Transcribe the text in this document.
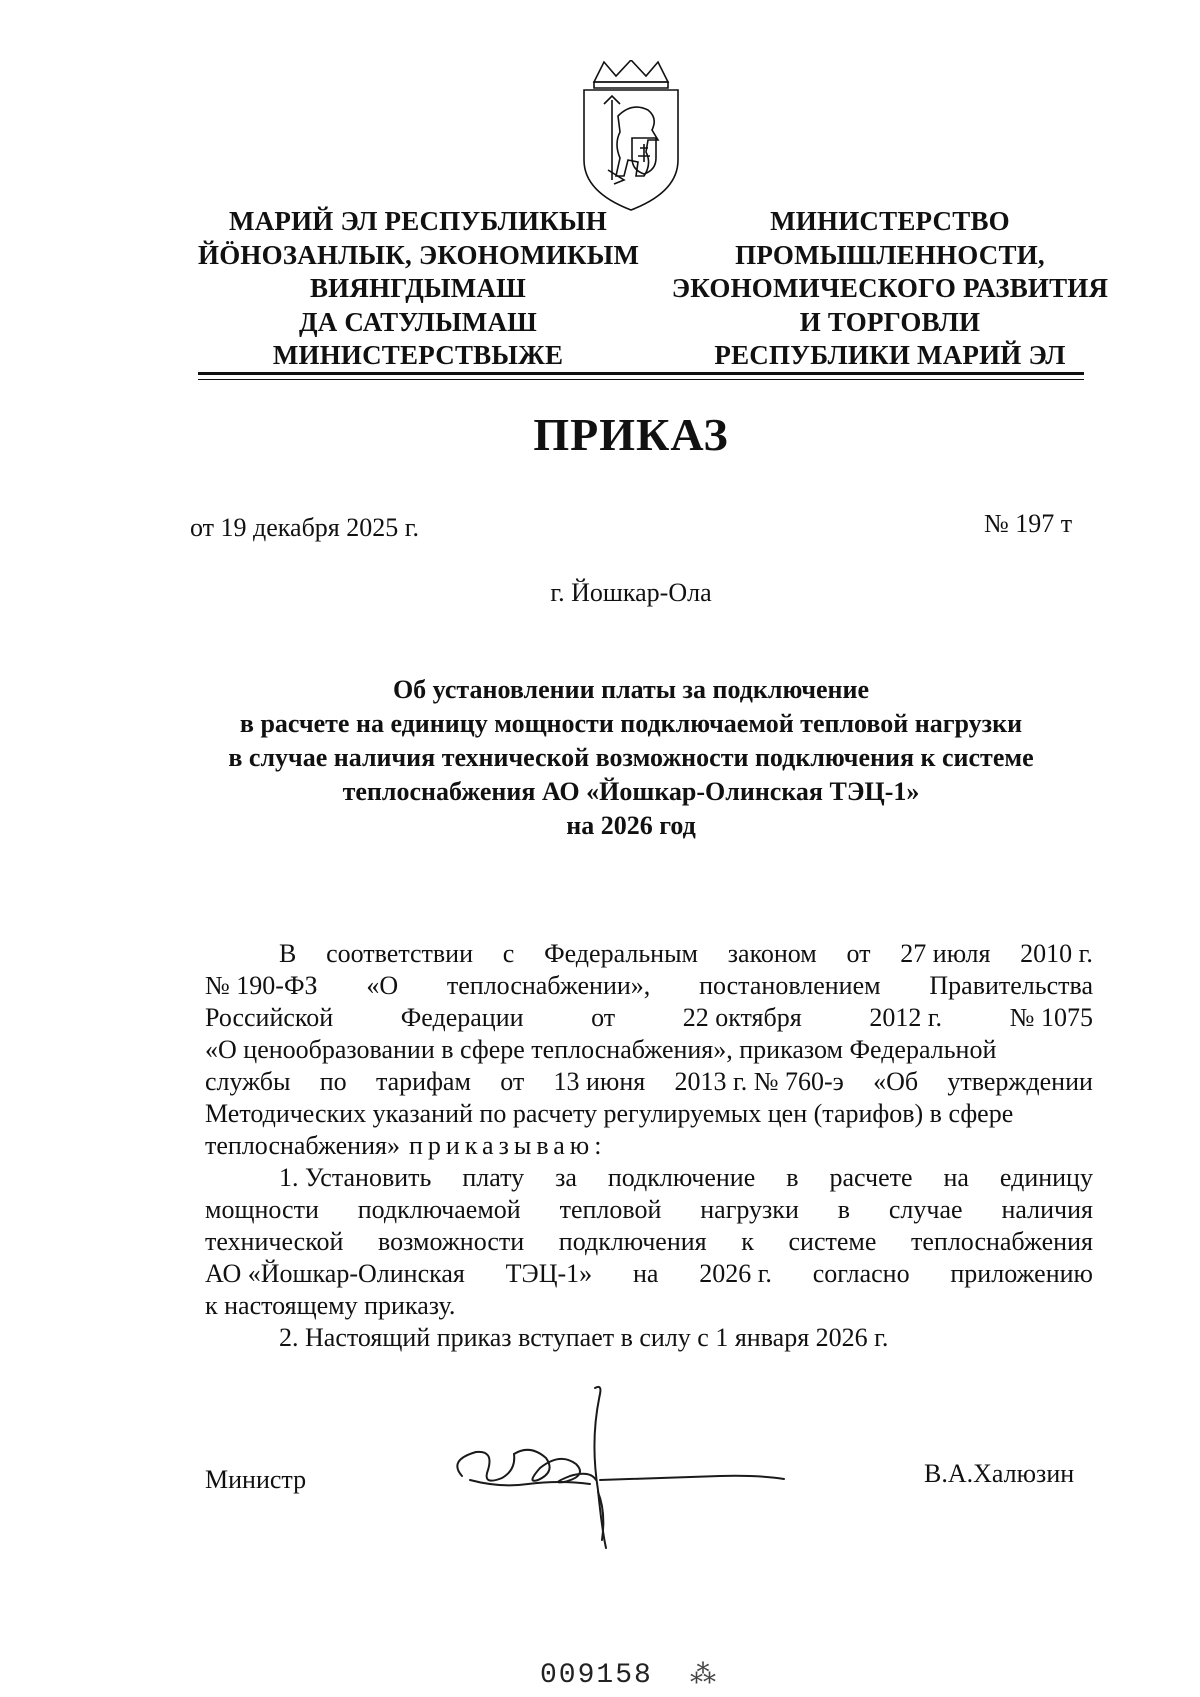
МАРИЙ ЭЛ РЕСПУБЛИКЫН
ЙÖНОЗАНЛЫК, ЭКОНОМИКЫМ
ВИЯНГДЫМАШ
ДА САТУЛЫМАШ
МИНИСТЕРСТВЫЖЕ
МИНИСТЕРСТВО
ПРОМЫШЛЕННОСТИ,
ЭКОНОМИЧЕСКОГО РАЗВИТИЯ
И ТОРГОВЛИ
РЕСПУБЛИКИ МАРИЙ ЭЛ
ПРИКАЗ
от 19 декабря 2025 г.	№ 197 т
г. Йошкар-Ола
Об установлении платы за подключение
в расчете на единицу мощности подключаемой тепловой нагрузки
в случае наличия технической возможности подключения к системе
теплоснабжения АО «Йошкар-Олинская ТЭЦ-1»
на 2026 год
В соответствии с Федеральным законом от 27 июля 2010 г.
№ 190-ФЗ «О теплоснабжении», постановлением Правительства
Российской	Федерации	от	22 октября	2012 г.	№ 1075
«О ценообразовании в сфере теплоснабжения», приказом Федеральной
службы по тарифам от 13 июня 2013 г. № 760-э «Об утверждении
Методических указаний по расчету регулируемых цен (тарифов) в сфере
теплоснабжения» приказываю:
1. Установить плату за подключение в расчете на единицу
мощности подключаемой тепловой нагрузки в случае наличия
технической возможности подключения к системе теплоснабжения
АО «Йошкар-Олинская ТЭЦ-1» на 2026 г. согласно приложению
к настоящему приказу.
2. Настоящий приказ вступает в силу с 1 января 2026 г.
Министр	В.А.Халюзин
009158 ⁂
